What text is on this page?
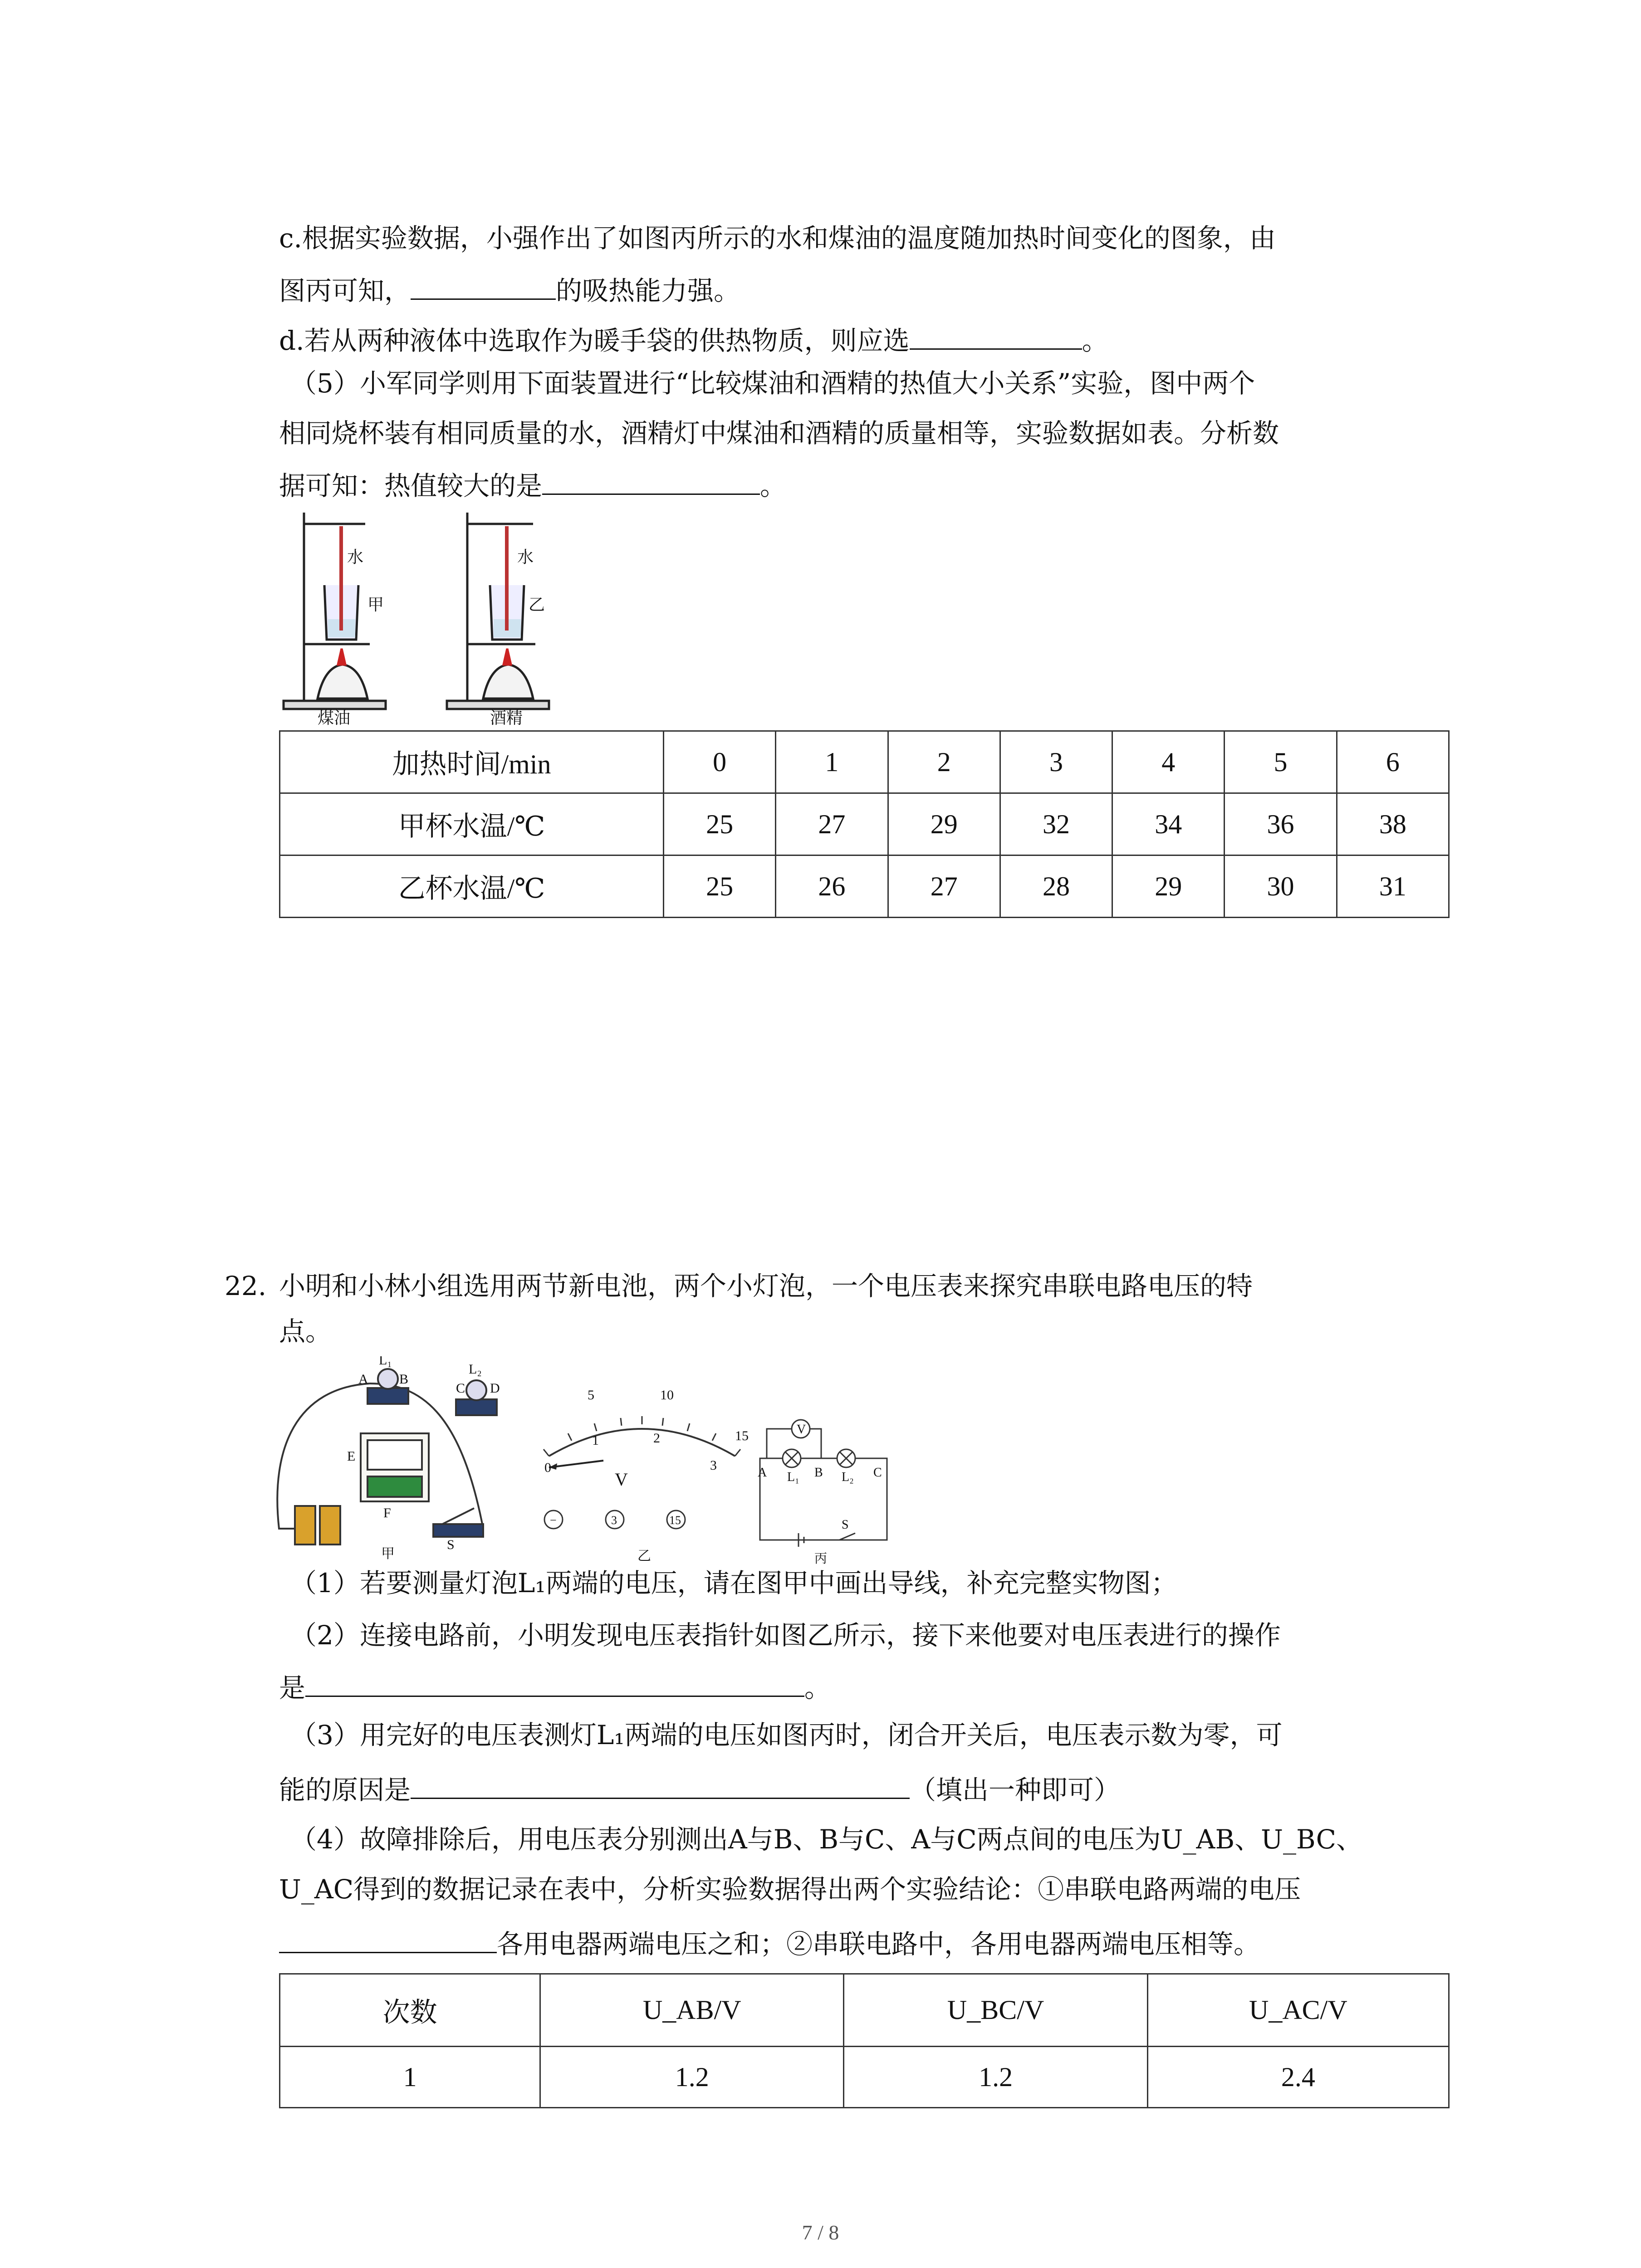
c.根据实验数据，小强作出了如图丙所示的水和煤油的温度随加热时间变化的图象，由
图丙可知，	的吸热能力强。
d.若从两种液体中选取作为暖手袋的供热物质，则应选	。
（5）小军同学则用下面装置进行“比较煤油和酒精的热值大小关系”实验，图中两个
相同烧杯装有相同质量的水，酒精灯中煤油和酒精的质量相等，实验数据如表。分析数
据可知：热值较大的是	。
水
甲
煤油
水
乙
酒精
加热时间/min	0	1	2	3	4	5	6
甲杯水温/℃	25	27	29	32	34	36	38
乙杯水温/℃	25	26	27	28	29	30	31
22. 小明和小林小组选用两节新电池，两个小灯泡，一个电压表来探究串联电路电压的特
点。
L₁
A B
L₂
C D
E
F
S
甲
5	10
0
1	2
3
15
V
−	3	15
乙
V
A	B	C
L₁	L₂
S
丙
（1）若要测量灯泡L₁两端的电压，请在图甲中画出导线，补充完整实物图；
（2）连接电路前，小明发现电压表指针如图乙所示，接下来他要对电压表进行的操作
是	。
（3）用完好的电压表测灯L₁两端的电压如图丙时，闭合开关后，电压表示数为零，可
能的原因是	（填出一种即可）
（4）故障排除后，用电压表分别测出A与B、B与C、A与C两点间的电压为U_AB、U_BC、
U_AC得到的数据记录在表中，分析实验数据得出两个实验结论：①串联电路两端的电压
各用电器两端电压之和；②串联电路中，各用电器两端电压相等。
次数	U_AB/V	U_BC/V	U_AC/V
1	1.2	1.2	2.4
7 / 8
